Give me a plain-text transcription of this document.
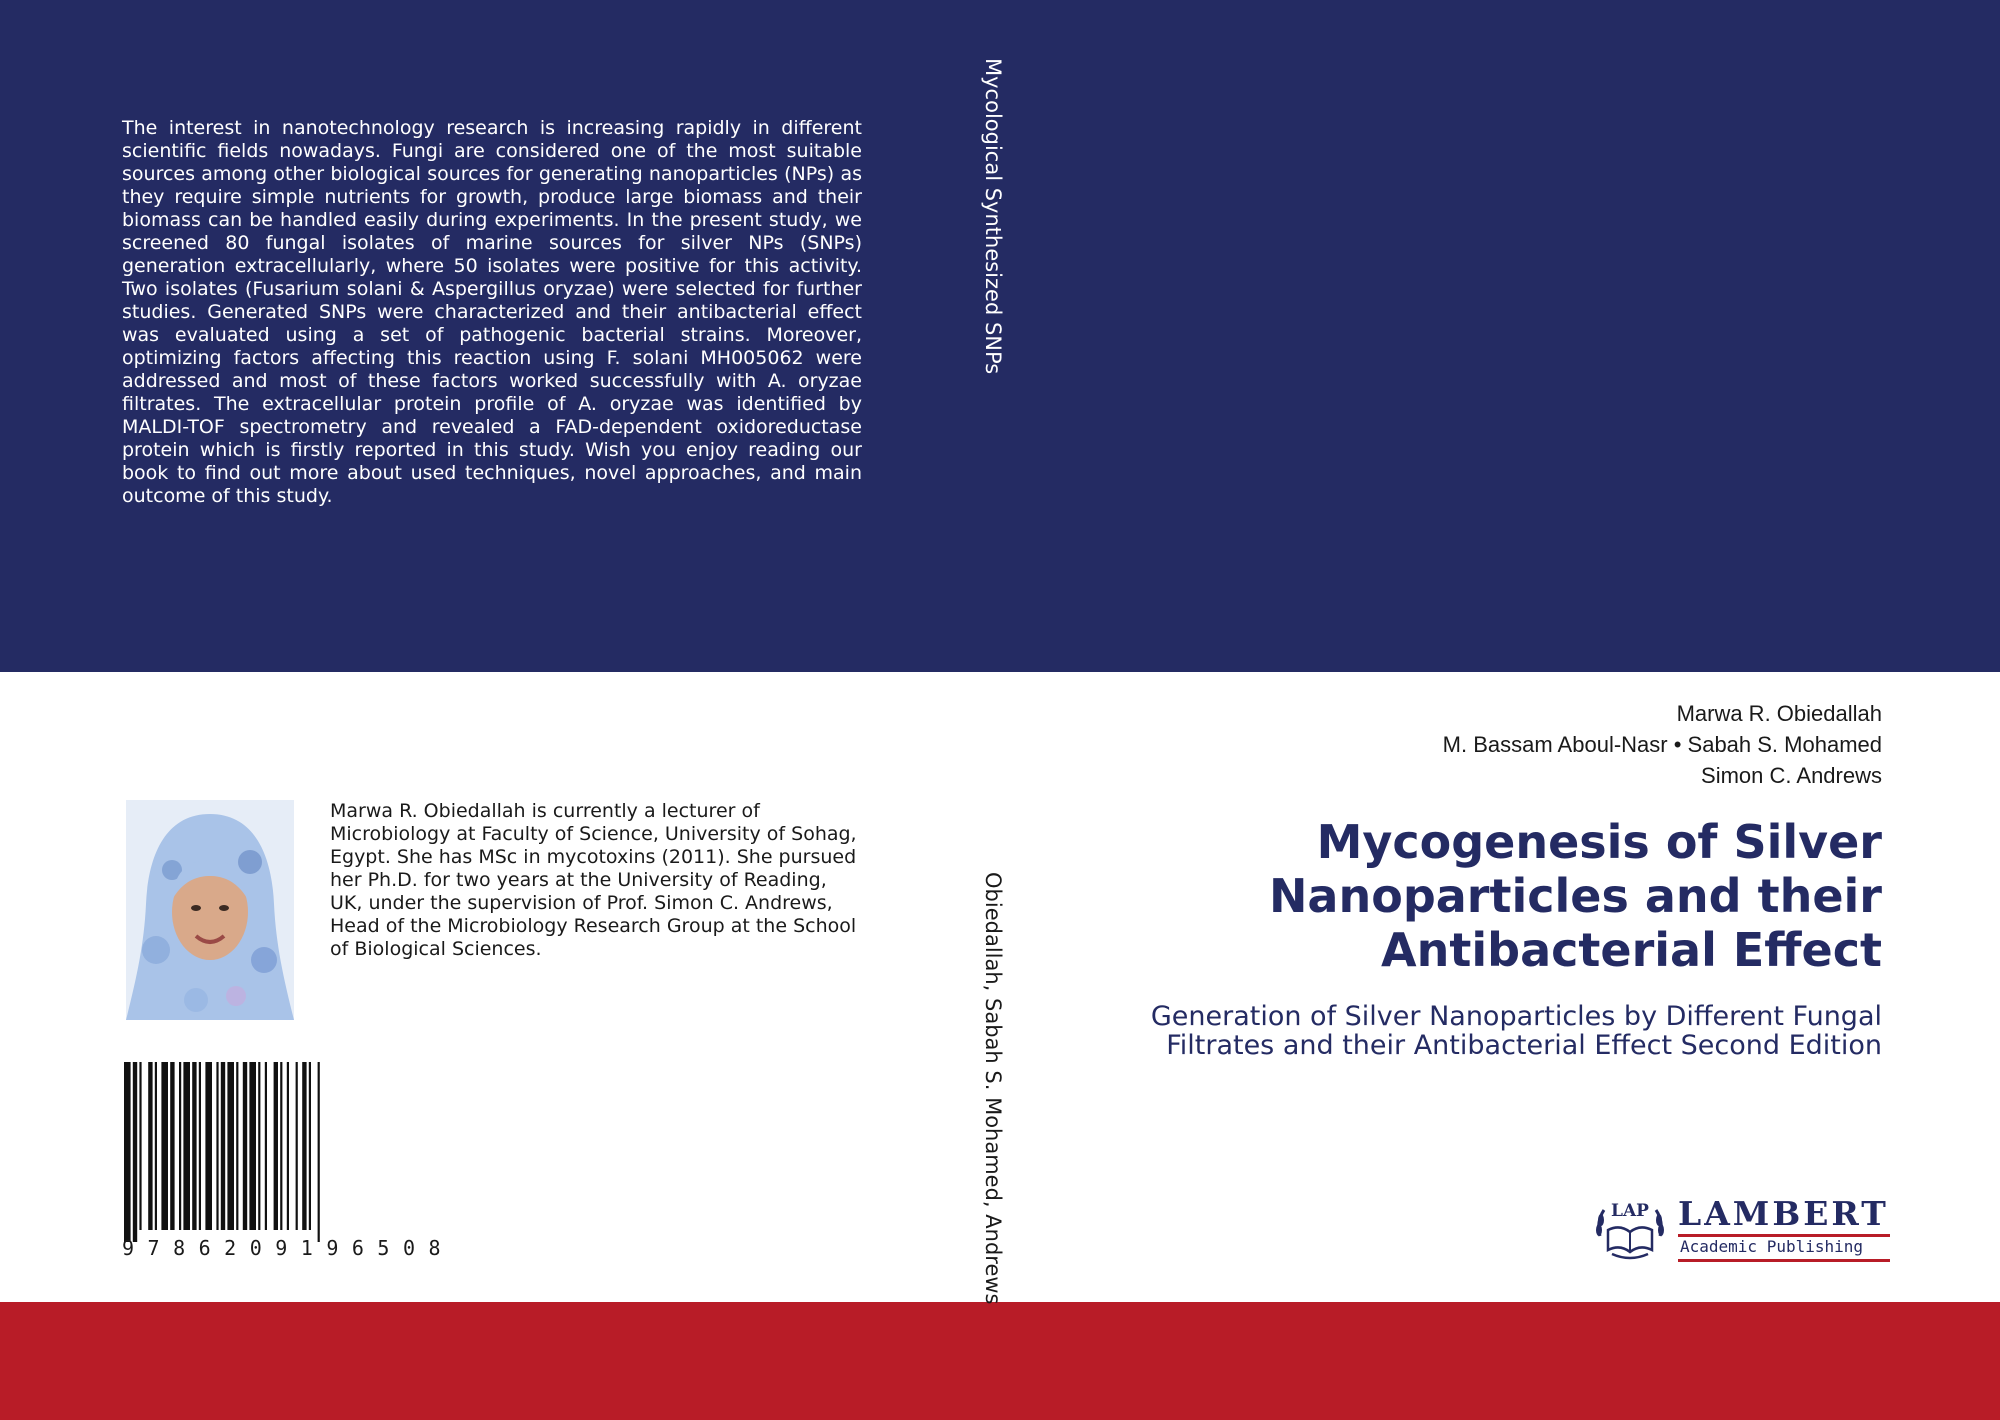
The interest in nanotechnology research is increasing rapidly in different scientific fields nowadays. Fungi are considered one of the most suitable sources among other biological sources for generating nanoparticles (NPs) as they require simple nutrients for growth, produce large biomass and their biomass can be handled easily during experiments. In the present study, we screened 80 fungal isolates of marine sources for silver NPs (SNPs) generation extracellularly, where 50 isolates were positive for this activity. Two isolates (Fusarium solani & Aspergillus oryzae) were selected for further studies. Generated SNPs were characterized and their antibacterial effect was evaluated using a set of pathogenic bacterial strains. Moreover, optimizing factors affecting this reaction using F. solani MH005062 were addressed and most of these factors worked successfully with A. oryzae filtrates. The extracellular protein profile of A. oryzae was identified by MALDI-TOF spectrometry and revealed a FAD-dependent oxidoreductase protein which is firstly reported in this study. Wish you enjoy reading our book to find out more about used techniques, novel approaches, and main outcome of this study.

Mycological Synthesized SNPs
Obiedallah, Sabah S. Mohamed, Andrews

Marwa R. Obiedallah is currently a lecturer of Microbiology at Faculty of Science, University of Sohag, Egypt. She has MSc in mycotoxins (2011). She pursued her Ph.D. for two years at the University of Reading, UK, under the supervision of Prof. Simon C. Andrews, Head of the Microbiology Research Group at the School of Biological Sciences.

9786209196508
Marwa R. Obiedallah
M. Bassam Aboul-Nasr • Sabah S. Mohamed
Simon C. Andrews
Mycogenesis of Silver Nanoparticles and their Antibacterial Effect

Generation of Silver Nanoparticles by Different Fungal Filtrates and their Antibacterial Effect Second Edition

LAP LAMBERT
Academic Publishing
